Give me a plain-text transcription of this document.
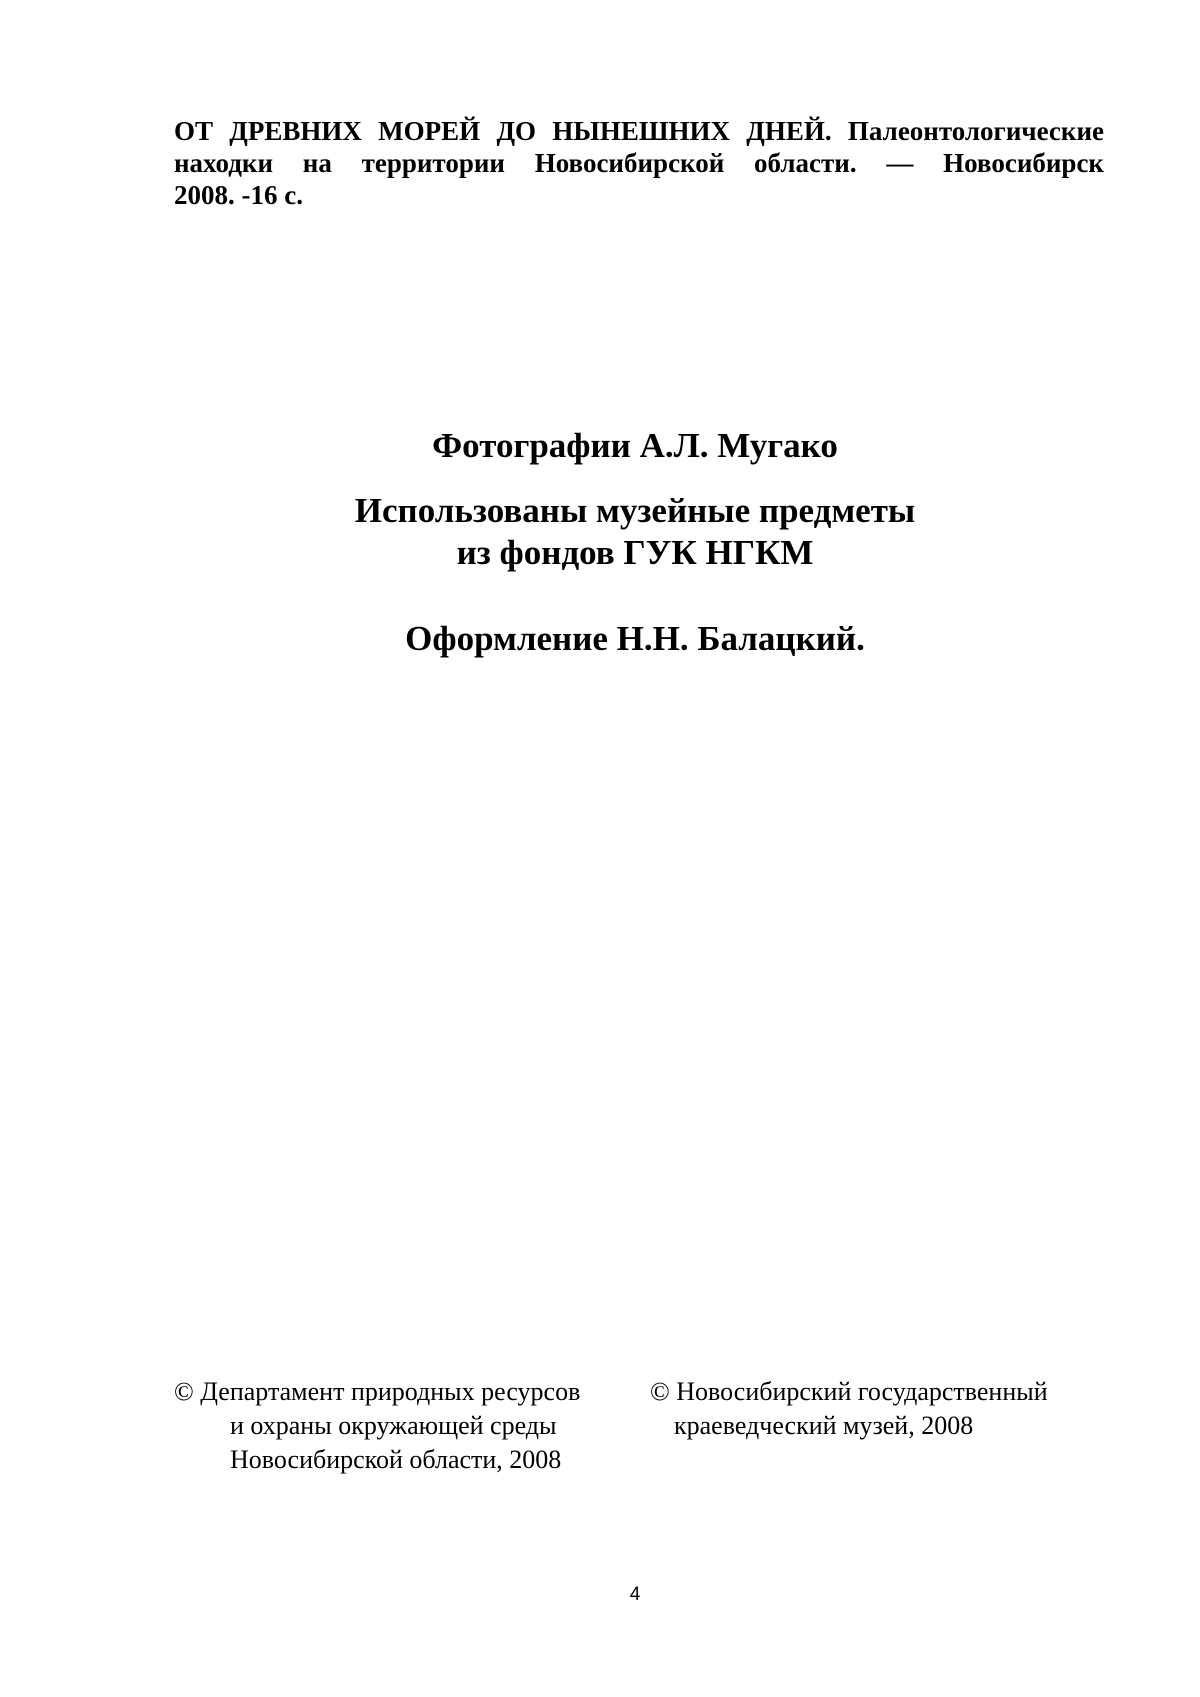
ОТ ДРЕВНИХ МОРЕЙ ДО НЫНЕШНИХ ДНЕЙ. Палеонтологические
находки на территории Новосибирской области. — Новосибирск
2008. -16 с.
Фотографии А.Л. Мугако
Использованы музейные предметы
из фондов ГУК НГКМ
Оформление Н.Н. Балацкий.
© Департамент природных ресурсов
и охраны окружающей среды
Новосибирской области, 2008
© Новосибирский государственный
краеведческий музей, 2008
4
